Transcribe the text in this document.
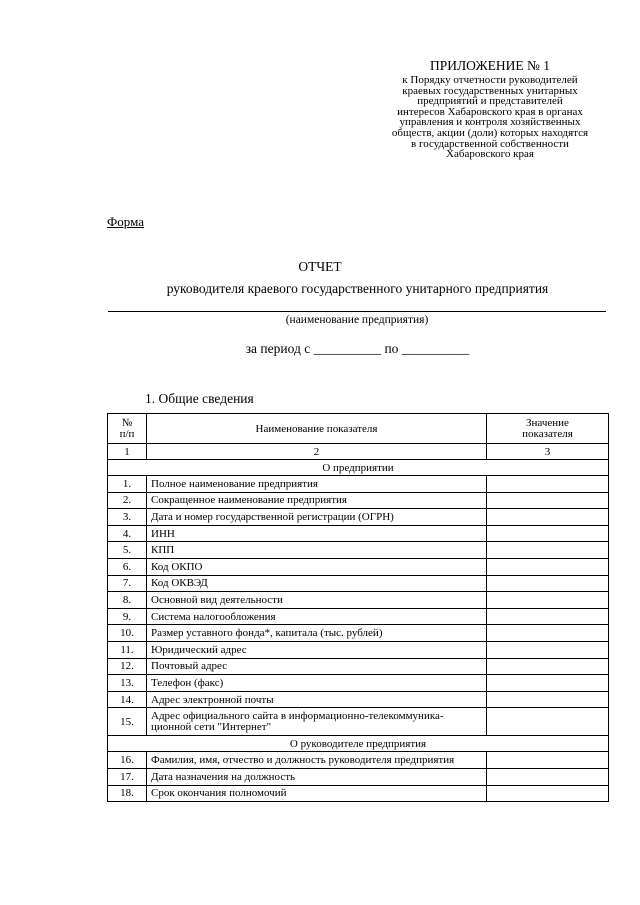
ПРИЛОЖЕНИЕ № 1
к Порядку отчетности руководителей
краевых государственных унитарных
предприятий и представителей
интересов Хабаровского края в органах
управления и контроля хозяйственных
обществ, акции (доли) которых находятся
в государственной собственности
Хабаровского края
Форма
ОТЧЕТ
руководителя краевого государственного унитарного предприятия
(наименование предприятия)
за период с __________ по __________
1. Общие сведения
№ п/п	Наименование показателя	Значение показателя

1	2	3
О предприятии		
1.	Полное наименование предприятия	
2.	Сокращенное наименование предприятия	
3.	Дата и номер государственной регистрации (ОГРН)	
4.	ИНН	
5.	КПП	
6.	Код ОКПО	
7.	Код ОКВЭД	
8.	Основной вид деятельности	
9.	Система налогообложения	
10.	Размер уставного фонда*, капитала (тыс. рублей)	
11.	Юридический адрес	
12.	Почтовый адрес	
13.	Телефон (факс)	
14.	Адрес электронной почты	
15.	Адрес официального сайта в информационно-телекоммуника-ционной сети "Интернет"	
О руководителе предприятия		
16.	Фамилия, имя, отчество и должность руководителя предприятия	
17.	Дата назначения на должность	
18.	Срок окончания полномочий	
